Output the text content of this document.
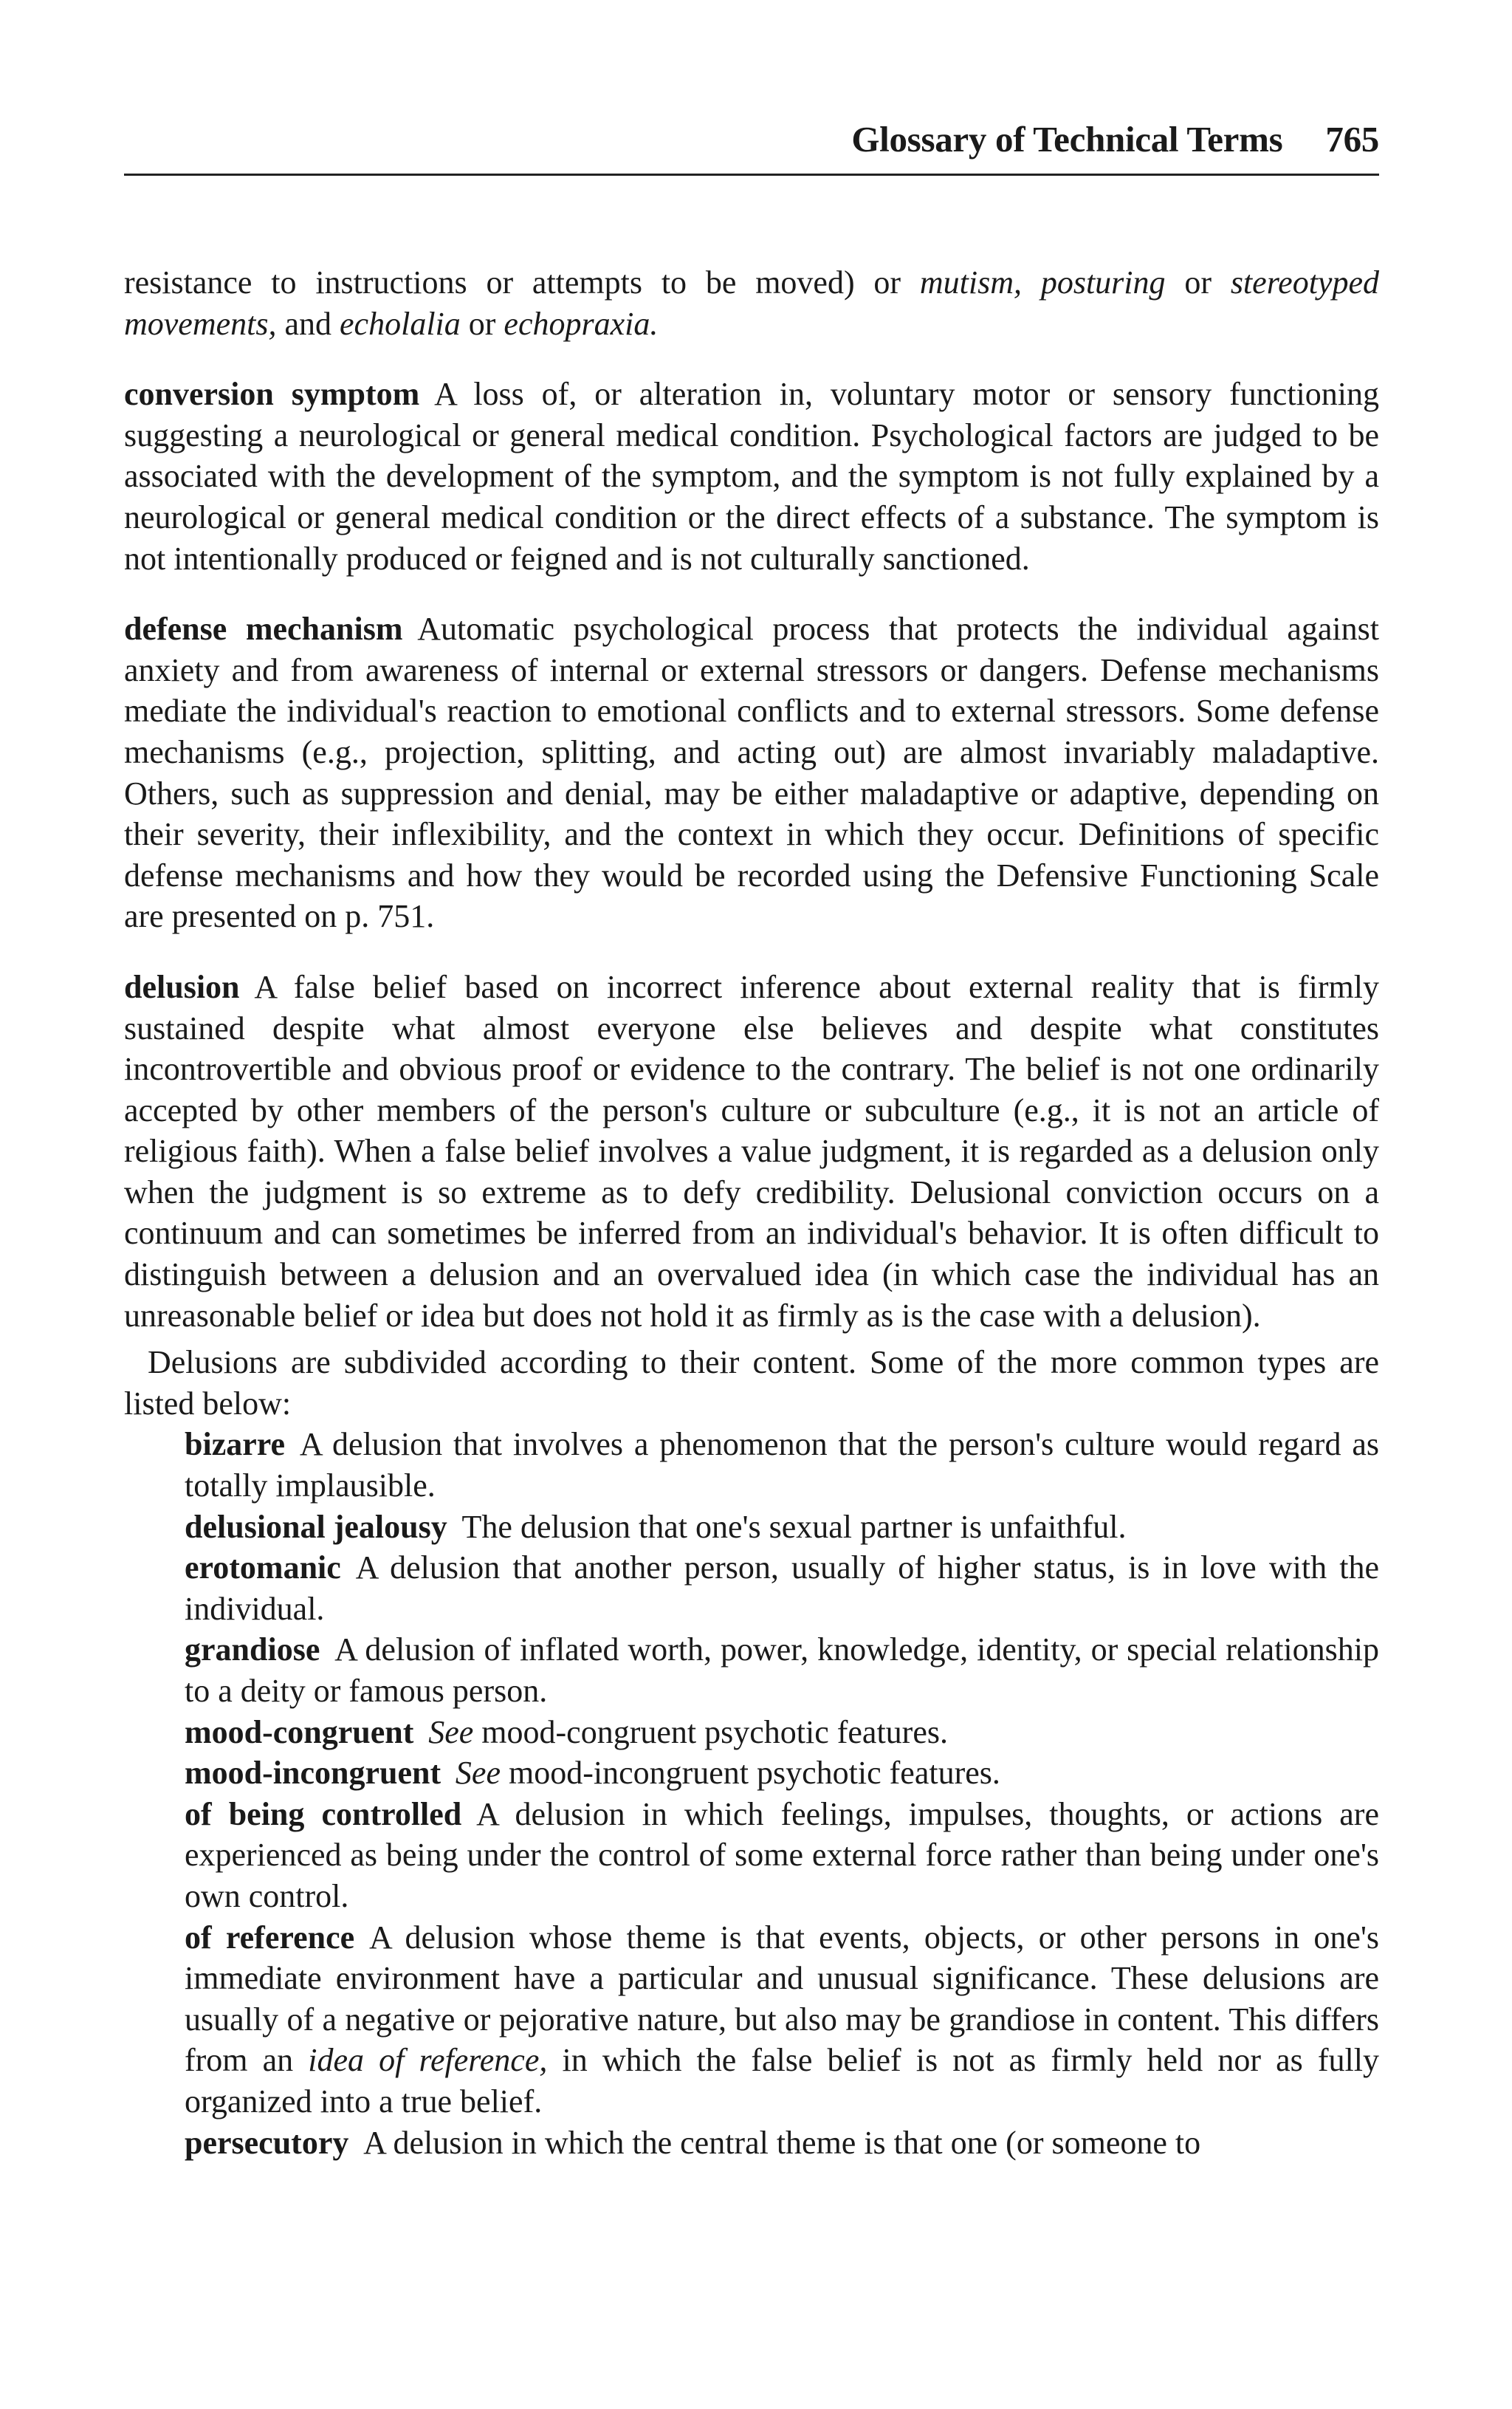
Glossary of Technical Terms 765

resistance to instructions or attempts to be moved) or mutism, posturing or stereotyped movements, and echolalia or echopraxia.

conversion symptom A loss of, or alteration in, voluntary motor or sensory functioning suggesting a neurological or general medical condition. Psychological factors are judged to be associated with the development of the symptom, and the symptom is not fully explained by a neurological or general medical condition or the direct effects of a substance. The symptom is not intentionally produced or feigned and is not culturally sanctioned.

defense mechanism Automatic psychological process that protects the individual against anxiety and from awareness of internal or external stressors or dangers. Defense mechanisms mediate the individual's reaction to emotional conflicts and to external stressors. Some defense mechanisms (e.g., projection, splitting, and acting out) are almost invariably maladaptive. Others, such as suppression and denial, may be either maladaptive or adaptive, depending on their severity, their inflexibility, and the context in which they occur. Definitions of specific defense mechanisms and how they would be recorded using the Defensive Functioning Scale are presented on p. 751.

delusion A false belief based on incorrect inference about external reality that is firmly sustained despite what almost everyone else believes and despite what constitutes incontrovertible and obvious proof or evidence to the contrary. The belief is not one ordinarily accepted by other members of the person's culture or subculture (e.g., it is not an article of religious faith). When a false belief involves a value judgment, it is regarded as a delusion only when the judgment is so extreme as to defy credibility. Delusional conviction occurs on a continuum and can sometimes be inferred from an individual's behavior. It is often difficult to distinguish between a delusion and an overvalued idea (in which case the individual has an unreasonable belief or idea but does not hold it as firmly as is the case with a delusion).

Delusions are subdivided according to their content. Some of the more common types are listed below:

bizarre A delusion that involves a phenomenon that the person's culture would regard as totally implausible.

delusional jealousy The delusion that one's sexual partner is unfaithful.

erotomanic A delusion that another person, usually of higher status, is in love with the individual.

grandiose A delusion of inflated worth, power, knowledge, identity, or special relationship to a deity or famous person.

mood-congruent See mood-congruent psychotic features.

mood-incongruent See mood-incongruent psychotic features.

of being controlled A delusion in which feelings, impulses, thoughts, or actions are experienced as being under the control of some external force rather than being under one's own control.

of reference A delusion whose theme is that events, objects, or other persons in one's immediate environment have a particular and unusual significance. These delusions are usually of a negative or pejorative nature, but also may be grandiose in content. This differs from an idea of reference, in which the false belief is not as firmly held nor as fully organized into a true belief.

persecutory A delusion in which the central theme is that one (or someone to
